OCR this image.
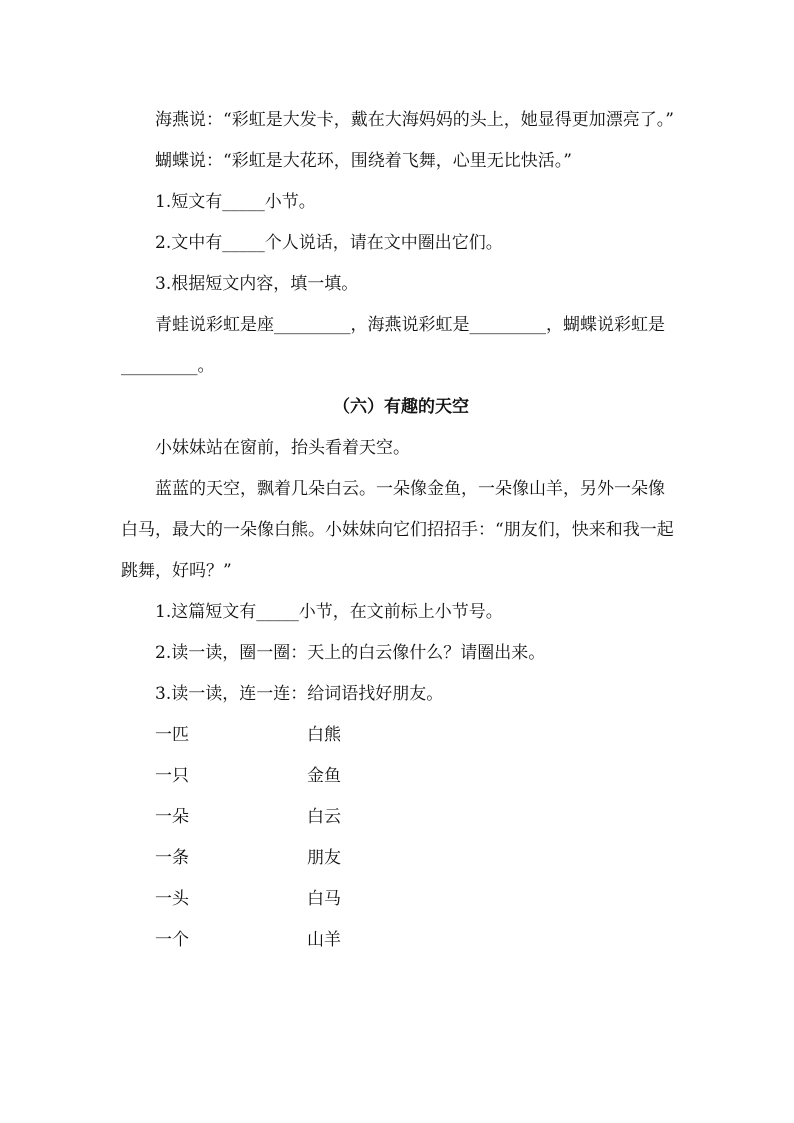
海燕说：“彩虹是大发卡，戴在大海妈妈的头上，她显得更加漂亮了。”

蝴蝶说：“彩虹是大花环，围绕着飞舞，心里无比快活。”

1.短文有_____小节。

2.文中有_____个人说话，请在文中圈出它们。

3.根据短文内容，填一填。

青蛙说彩虹是座_________，海燕说彩虹是_________，蝴蝶说彩虹是_________。

（六）有趣的天空

小妹妹站在窗前，抬头看着天空。

蓝蓝的天空，飘着几朵白云。一朵像金鱼，一朵像山羊，另外一朵像白马，最大的一朵像白熊。小妹妹向它们招招手：“朋友们，快来和我一起跳舞，好吗？”

1.这篇短文有_____小节，在文前标上小节号。

2.读一读，圈一圈：天上的白云像什么？请圈出来。

3.读一读，连一连：给词语找好朋友。

一匹	白熊
一只	金鱼
一朵	白云
一条	朋友
一头	白马
一个	山羊
